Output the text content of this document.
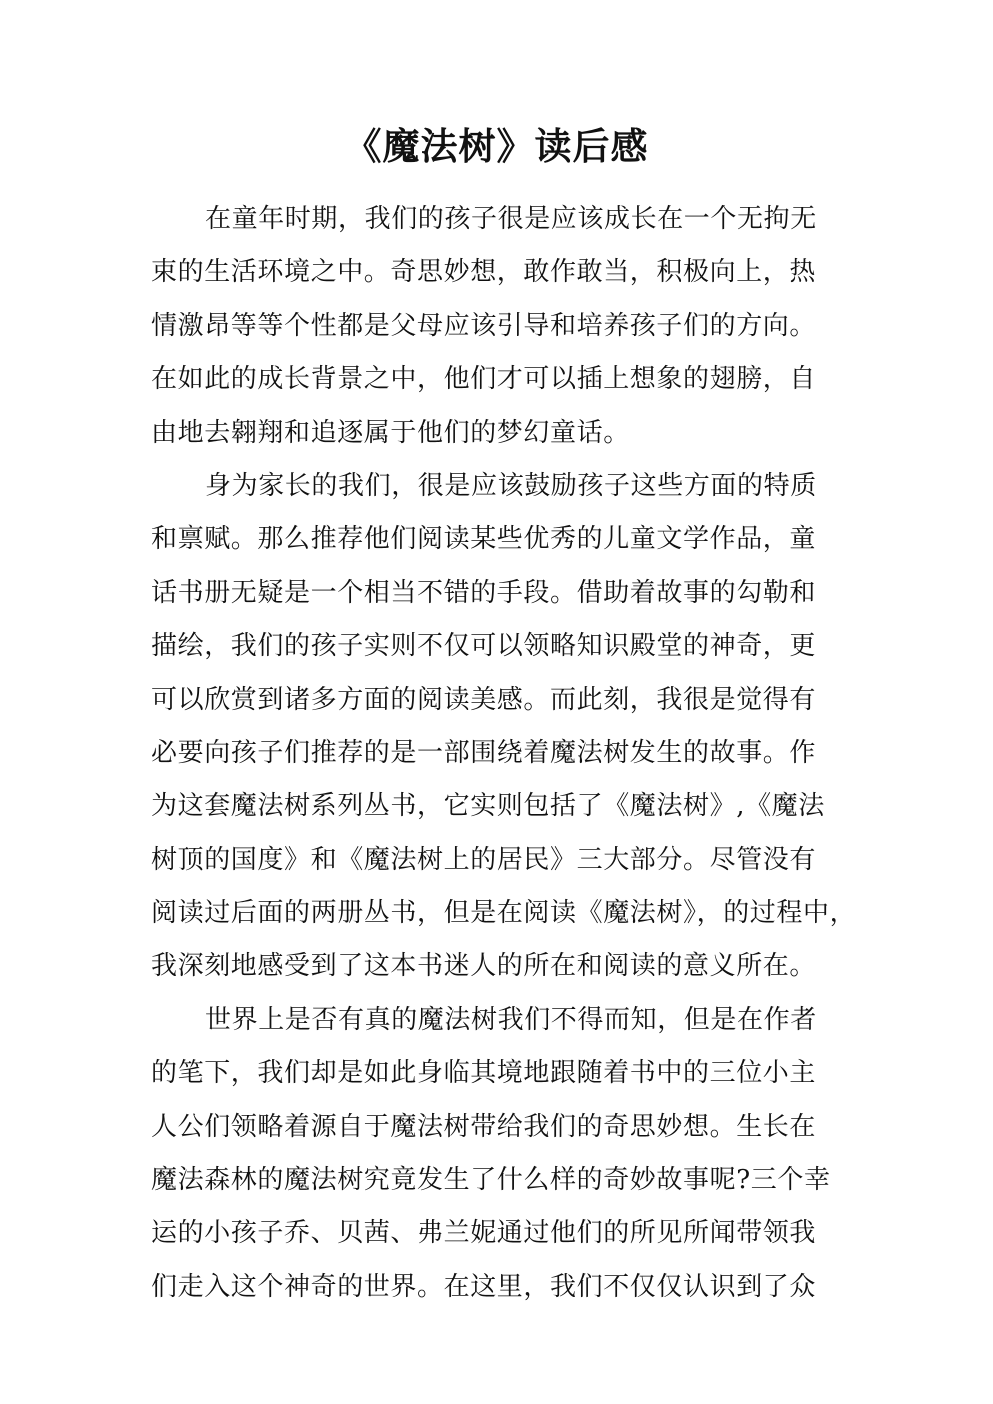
《魔法树》读后感
在童年时期，我们的孩子很是应该成长在一个无拘无
束的生活环境之中。奇思妙想，敢作敢当，积极向上，热
情激昂等等个性都是父母应该引导和培养孩子们的方向。
在如此的成长背景之中，他们才可以插上想象的翅膀，自
由地去翱翔和追逐属于他们的梦幻童话。
身为家长的我们，很是应该鼓励孩子这些方面的特质
和禀赋。那么推荐他们阅读某些优秀的儿童文学作品，童
话书册无疑是一个相当不错的手段。借助着故事的勾勒和
描绘，我们的孩子实则不仅可以领略知识殿堂的神奇，更
可以欣赏到诸多方面的阅读美感。而此刻，我很是觉得有
必要向孩子们推荐的是一部围绕着魔法树发生的故事。作
为这套魔法树系列丛书，它实则包括了《魔法树》,《魔法
树顶的国度》和《魔法树上的居民》三大部分。尽管没有
阅读过后面的两册丛书，但是在阅读《魔法树》，的过程中，
我深刻地感受到了这本书迷人的所在和阅读的意义所在。
世界上是否有真的魔法树我们不得而知，但是在作者
的笔下，我们却是如此身临其境地跟随着书中的三位小主
人公们领略着源自于魔法树带给我们的奇思妙想。生长在
魔法森林的魔法树究竟发生了什么样的奇妙故事呢?三个幸
运的小孩子乔、贝茜、弗兰妮通过他们的所见所闻带领我
们走入这个神奇的世界。在这里，我们不仅仅认识到了众
